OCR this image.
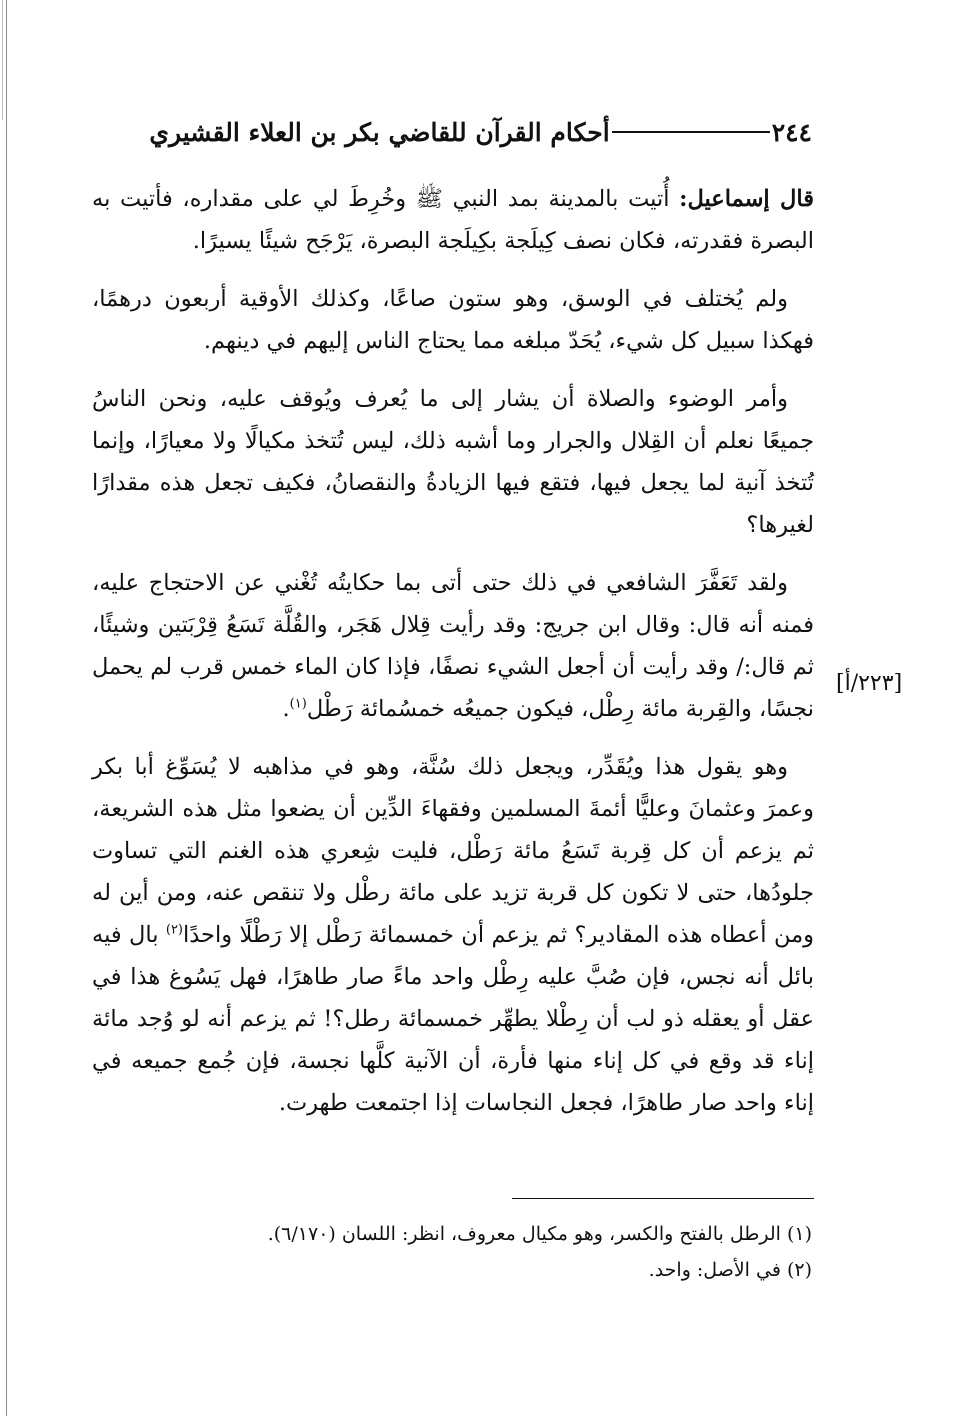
٢٤٤
أحكام القرآن للقاضي بكر بن العلاء القشيري

قال إسماعيل: أُتيت بالمدينة بمد النبي ﷺ وخُرِطَ لي على مقداره، فأتيت به البصرة فقدرته، فكان نصف كِيلَجة بكِيلَجة البصرة، يَرْجَح شيئًا يسيرًا.

ولم يُختلف في الوسق، وهو ستون صاعًا، وكذلك الأوقية أربعون درهمًا، فهكذا سبيل كل شيء، يُحَدّ مبلغه مما يحتاج الناس إليهم في دينهم.

وأمر الوضوء والصلاة أن يشار إلى ما يُعرف ويُوقف عليه، ونحن الناسُ جميعًا نعلم أن القِلال والجرار وما أشبه ذلك، ليس تُتخذ مكيالًا ولا معيارًا، وإنما تُتخذ آنية لما يجعل فيها، فتقع فيها الزيادةُ والنقصانُ، فكيف تجعل هذه مقدارًا لغيرها؟

ولقد تَعَفَّرَ الشافعي في ذلك حتى أتى بما حكايتُه تُغْني عن الاحتجاج عليه، فمنه أنه قال: وقال ابن جريج: وقد رأيت قِلال هَجَر، والقُلَّة تَسَعُ قِرْبَتين وشيئًا، ثم قال:/ وقد رأيت أن أجعل الشيء نصفًا، فإذا كان الماء خمس قرب لم يحمل نجسًا، والقِربة مائة رِطْل، فيكون جميعُه خمسُمائة رَطْل$^{(١)}$.

وهو يقول هذا ويُقَدِّر، ويجعل ذلك سُنَّة، وهو في مذاهبه لا يُسَوِّغ أبا بكر وعمرَ وعثمانَ وعليًّا أئمةَ المسلمين وفقهاءَ الدِّين أن يضعوا مثل هذه الشريعة، ثم يزعم أن كل قِربة تَسَعُ مائة رَطْل، فليت شِعري هذه الغنم التي تساوت جلودُها، حتى لا تكون كل قربة تزيد على مائة رطْل ولا تنقص عنه، ومن أين له ومن أعطاه هذه المقادير؟ ثم يزعم أن خمسمائة رَطْل إلا رَطْلًا واحدًا$^{(٢)}$ بال فيه بائل أنه نجس، فإن صُبَّ عليه رِطْل واحد ماءً صار طاهرًا، فهل يَسُوغ هذا في عقل أو يعقله ذو لب أن رِطْلا يطهِّر خمسمائة رطل؟! ثم يزعم أنه لو وُجد مائة إناء قد وقع في كل إناء منها فأرة، أن الآنية كلَّها نجسة، فإن جُمع جميعه في إناء واحد صار طاهرًا، فجعل النجاسات إذا اجتمعت طهرت.

[٢٢٣/أ]

(١) الرطل بالفتح والكسر، وهو مكيال معروف، انظر: اللسان (٦/١٧٠).

(٢) في الأصل: واحد.
